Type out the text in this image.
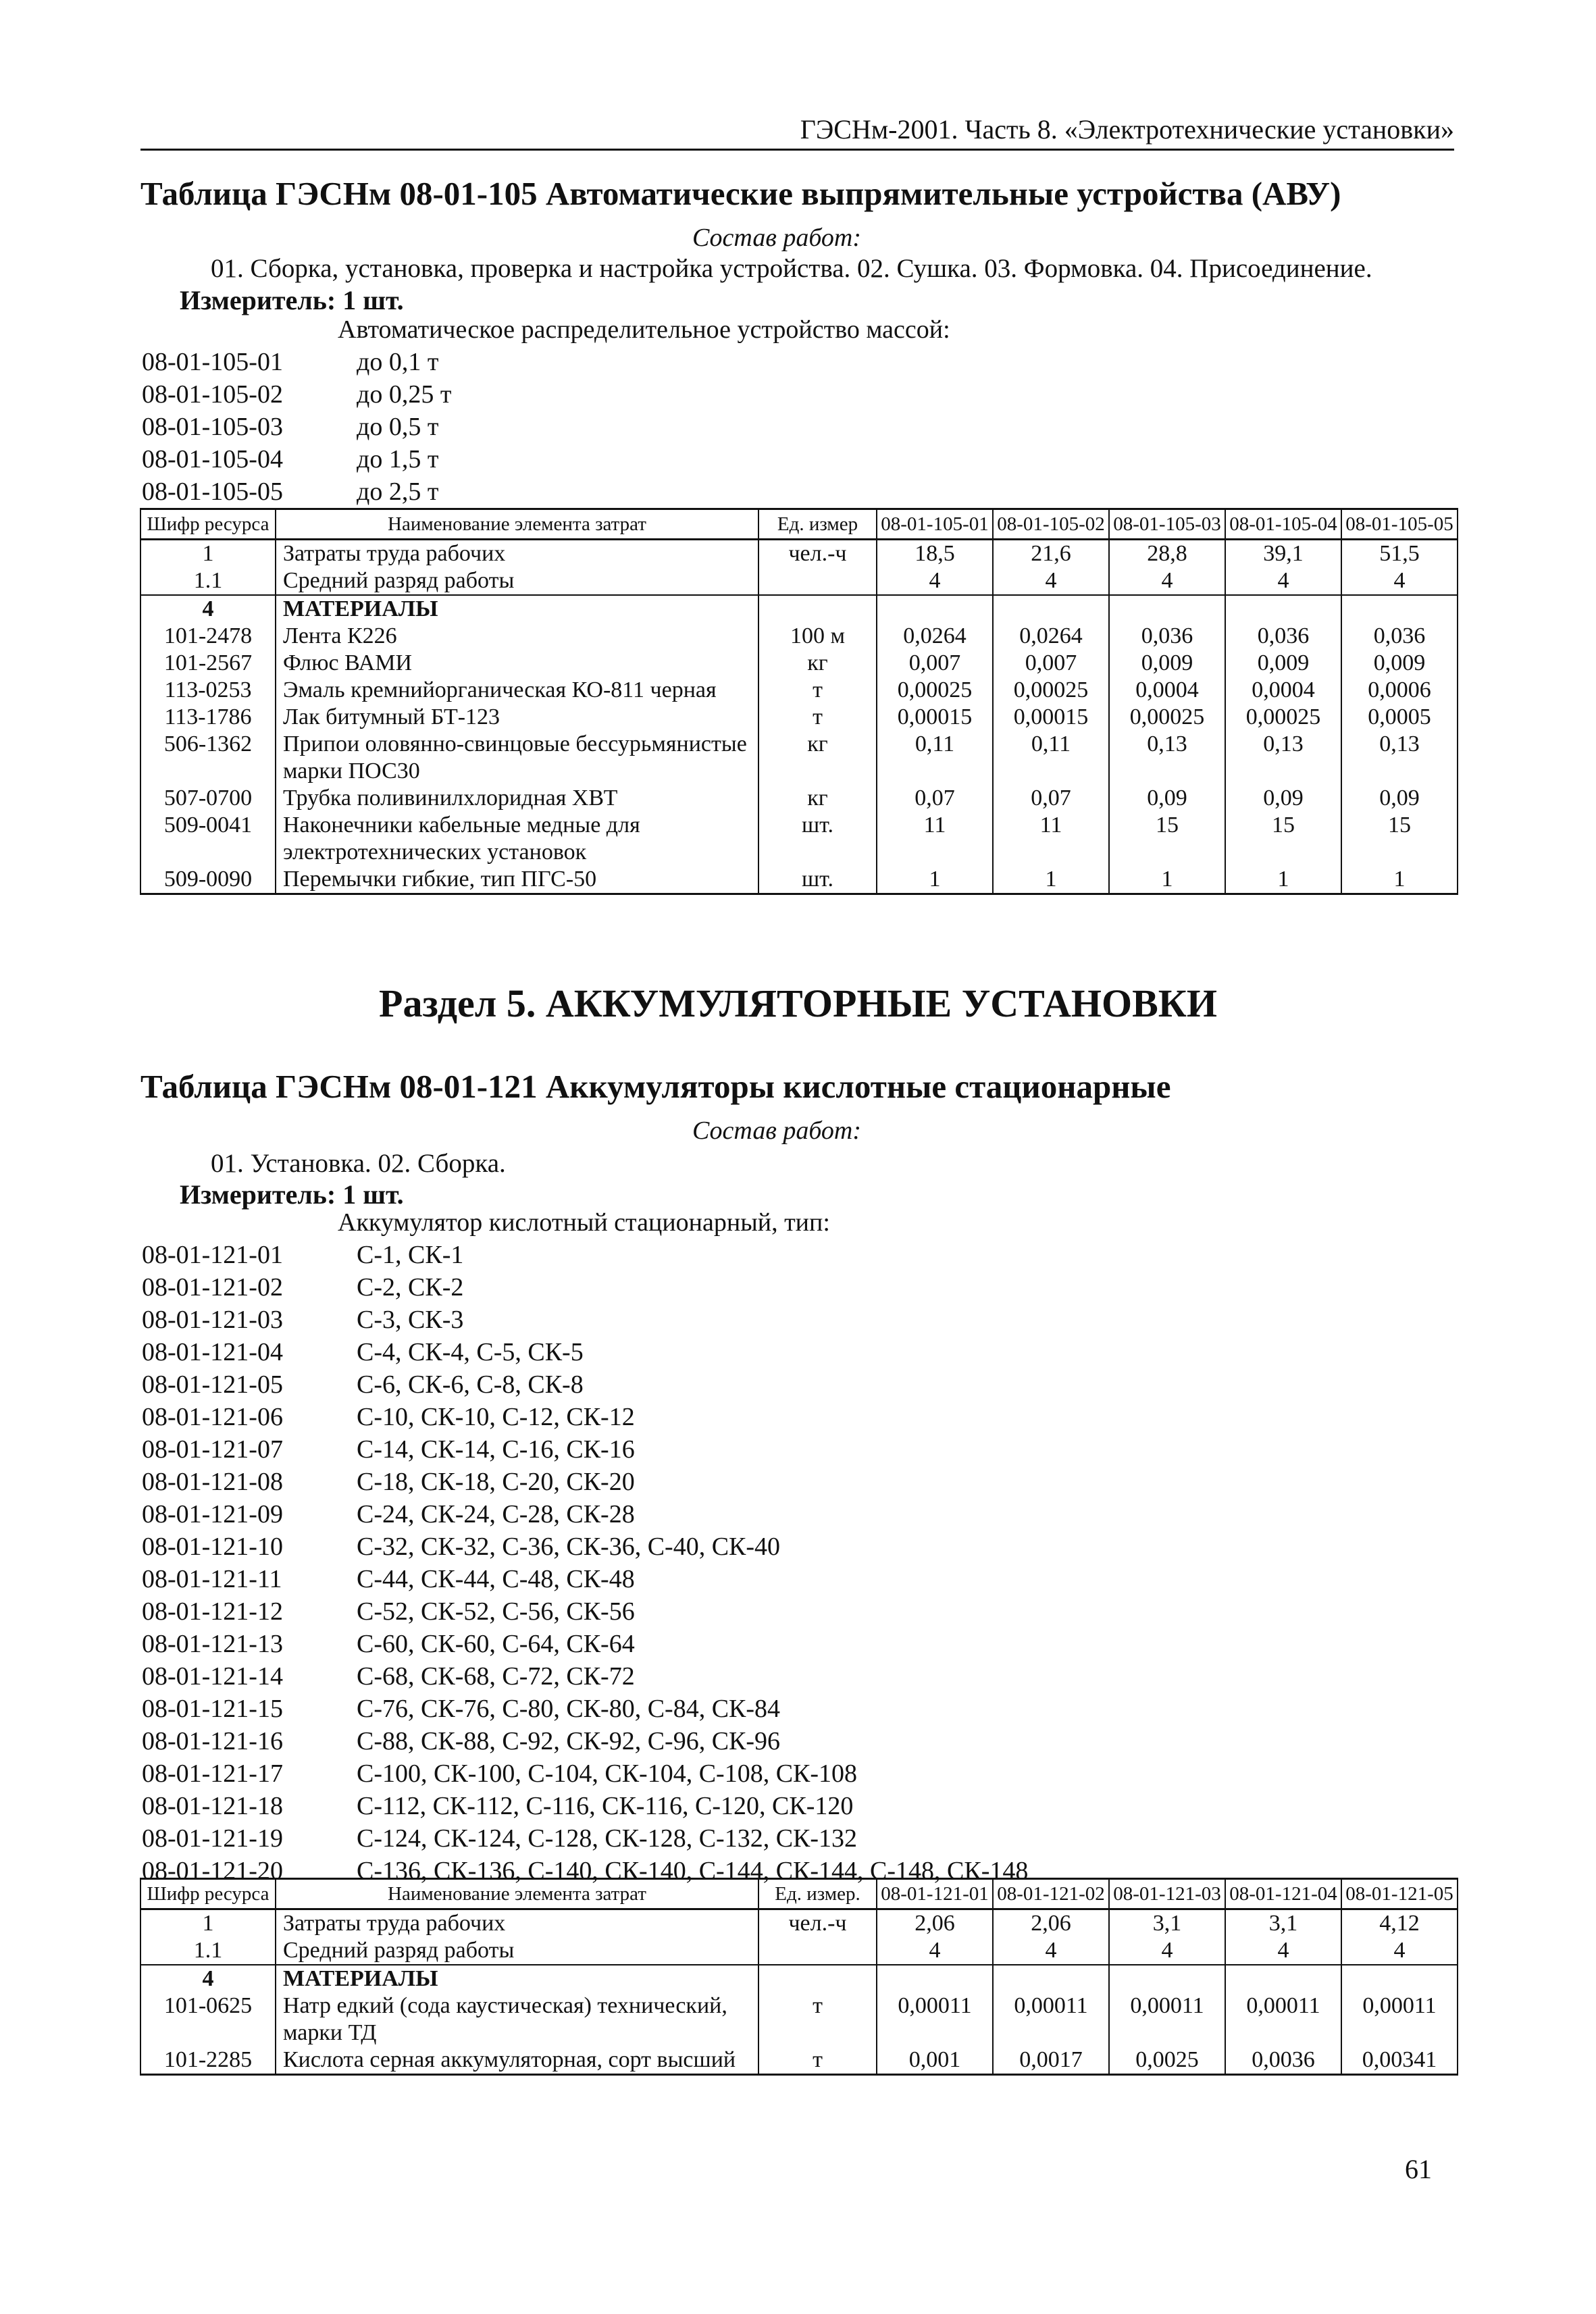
ГЭСНм-2001. Часть 8. «Электротехнические установки»
Таблица ГЭСНм 08-01-105 Автоматические выпрямительные устройства (АВУ)
Состав работ:
01. Сборка, установка, проверка и настройка устройства. 02. Сушка. 03. Формовка. 04. Присоединение.
Измеритель: 1 шт.
Автоматическое распределительное устройство массой:
08-01-105-01	до 0,1 т
08-01-105-02	до 0,25 т
08-01-105-03	до 0,5 т
08-01-105-04	до 1,5 т
08-01-105-05	до 2,5 т
Шифр ресурса	Наименование элемента затрат	Ед. измер	08-01-105-01	08-01-105-02	08-01-105-03	08-01-105-04	08-01-105-05
1	Затраты труда рабочих	чел.-ч	18,5	21,6	28,8	39,1	51,5
1.1	Средний разряд работы		4	4	4	4	4
4	МАТЕРИАЛЫ						
101-2478	Лента К226	100 м	0,0264	0,0264	0,036	0,036	0,036
101-2567	Флюс ВАМИ	кг	0,007	0,007	0,009	0,009	0,009
113-0253	Эмаль кремнийорганическая КО-811 черная	т	0,00025	0,00025	0,0004	0,0004	0,0006
113-1786	Лак битумный БТ-123	т	0,00015	0,00015	0,00025	0,00025	0,0005
506-1362	Припои оловянно-свинцовые бессурьмянистые марки ПОС30	кг	0,11	0,11	0,13	0,13	0,13
507-0700	Трубка поливинилхлоридная ХВТ	кг	0,07	0,07	0,09	0,09	0,09
509-0041	Наконечники кабельные медные для электротехнических установок	шт.	11	11	15	15	15
509-0090	Перемычки гибкие, тип ПГС-50	шт.	1	1	1	1	1
Раздел 5. АККУМУЛЯТОРНЫЕ УСТАНОВКИ
Таблица ГЭСНм 08-01-121 Аккумуляторы кислотные стационарные
Состав работ:
01. Установка. 02. Сборка.
Измеритель: 1 шт.
Аккумулятор кислотный стационарный, тип:
08-01-121-01	С-1, СК-1
08-01-121-02	С-2, СК-2
08-01-121-03	С-3, СК-3
08-01-121-04	С-4, СК-4, С-5, СК-5
08-01-121-05	С-6, СК-6, С-8, СК-8
08-01-121-06	С-10, СК-10, С-12, СК-12
08-01-121-07	С-14, СК-14, С-16, СК-16
08-01-121-08	С-18, СК-18, С-20, СК-20
08-01-121-09	С-24, СК-24, С-28, СК-28
08-01-121-10	С-32, СК-32, С-36, СК-36, С-40, СК-40
08-01-121-11	С-44, СК-44, С-48, СК-48
08-01-121-12	С-52, СК-52, С-56, СК-56
08-01-121-13	С-60, СК-60, С-64, СК-64
08-01-121-14	С-68, СК-68, С-72, СК-72
08-01-121-15	С-76, СК-76, С-80, СК-80, С-84, СК-84
08-01-121-16	С-88, СК-88, С-92, СК-92, С-96, СК-96
08-01-121-17	С-100, СК-100, С-104, СК-104, С-108, СК-108
08-01-121-18	С-112, СК-112, С-116, СК-116, С-120, СК-120
08-01-121-19	С-124, СК-124, С-128, СК-128, С-132, СК-132
08-01-121-20	С-136, СК-136, С-140, СК-140, С-144, СК-144, С-148, СК-148
Шифр ресурса	Наименование элемента затрат	Ед. измер.	08-01-121-01	08-01-121-02	08-01-121-03	08-01-121-04	08-01-121-05
1	Затраты труда рабочих	чел.-ч	2,06	2,06	3,1	3,1	4,12
1.1	Средний разряд работы		4	4	4	4	4
4	МАТЕРИАЛЫ						
101-0625	Натр едкий (сода каустическая) технический, марки ТД	т	0,00011	0,00011	0,00011	0,00011	0,00011
101-2285	Кислота серная аккумуляторная, сорт высший	т	0,001	0,0017	0,0025	0,0036	0,00341
61
